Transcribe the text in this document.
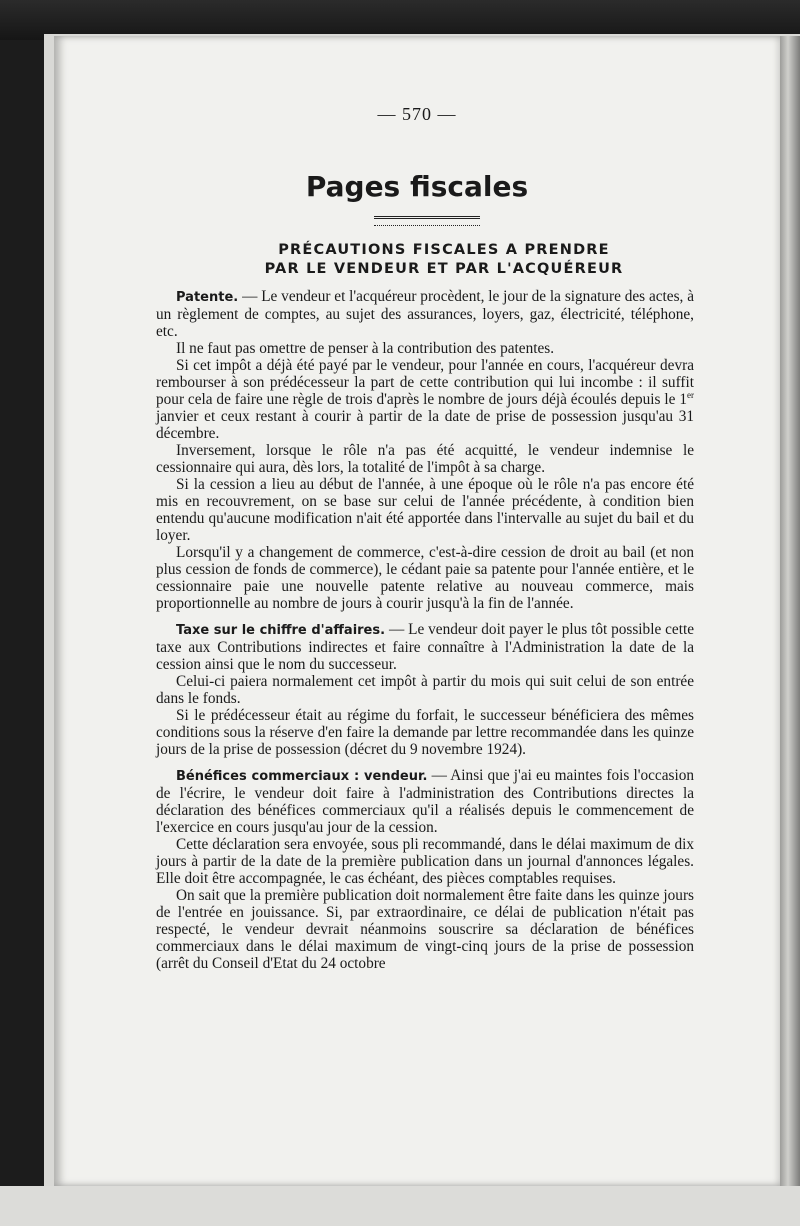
— 570 —
Pages fiscales
PRÉCAUTIONS FISCALES A PRENDRE
PAR LE VENDEUR ET PAR L'ACQUÉREUR

Patente. — Le vendeur et l'acquéreur procèdent, le jour de la signature des actes, à un règlement de comptes, au sujet des assurances, loyers, gaz, électricité, téléphone, etc.

Il ne faut pas omettre de penser à la contribution des patentes.

Si cet impôt a déjà été payé par le vendeur, pour l'année en cours, l'acquéreur devra rembourser à son prédécesseur la part de cette contribution qui lui incombe : il suffit pour cela de faire une règle de trois d'après le nombre de jours déjà écoulés depuis le 1er janvier et ceux restant à courir à partir de la date de prise de possession jusqu'au 31 décembre.

Inversement, lorsque le rôle n'a pas été acquitté, le vendeur indemnise le cessionnaire qui aura, dès lors, la totalité de l'impôt à sa charge.

Si la cession a lieu au début de l'année, à une époque où le rôle n'a pas encore été mis en recouvrement, on se base sur celui de l'année précédente, à condition bien entendu qu'aucune modification n'ait été apportée dans l'intervalle au sujet du bail et du loyer.

Lorsqu'il y a changement de commerce, c'est-à-dire cession de droit au bail (et non plus cession de fonds de commerce), le cédant paie sa patente pour l'année entière, et le cessionnaire paie une nouvelle patente relative au nouveau commerce, mais proportionnelle au nombre de jours à courir jusqu'à la fin de l'année.

Taxe sur le chiffre d'affaires. — Le vendeur doit payer le plus tôt possible cette taxe aux Contributions indirectes et faire connaître à l'Administration la date de la cession ainsi que le nom du successeur.

Celui-ci paiera normalement cet impôt à partir du mois qui suit celui de son entrée dans le fonds.

Si le prédécesseur était au régime du forfait, le successeur bénéficiera des mêmes conditions sous la réserve d'en faire la demande par lettre recommandée dans les quinze jours de la prise de possession (décret du 9 novembre 1924).

Bénéfices commerciaux : vendeur. — Ainsi que j'ai eu maintes fois l'occasion de l'écrire, le vendeur doit faire à l'administration des Contributions directes la déclaration des bénéfices commerciaux qu'il a réalisés depuis le commencement de l'exercice en cours jusqu'au jour de la cession.

Cette déclaration sera envoyée, sous pli recommandé, dans le délai maximum de dix jours à partir de la date de la première publication dans un journal d'annonces légales. Elle doit être accompagnée, le cas échéant, des pièces comptables requises.

On sait que la première publication doit normalement être faite dans les quinze jours de l'entrée en jouissance. Si, par extraordinaire, ce délai de publication n'était pas respecté, le vendeur devrait néanmoins souscrire sa déclaration de bénéfices commerciaux dans le délai maximum de vingt-cinq jours de la prise de possession (arrêt du Conseil d'Etat du 24 octobre
